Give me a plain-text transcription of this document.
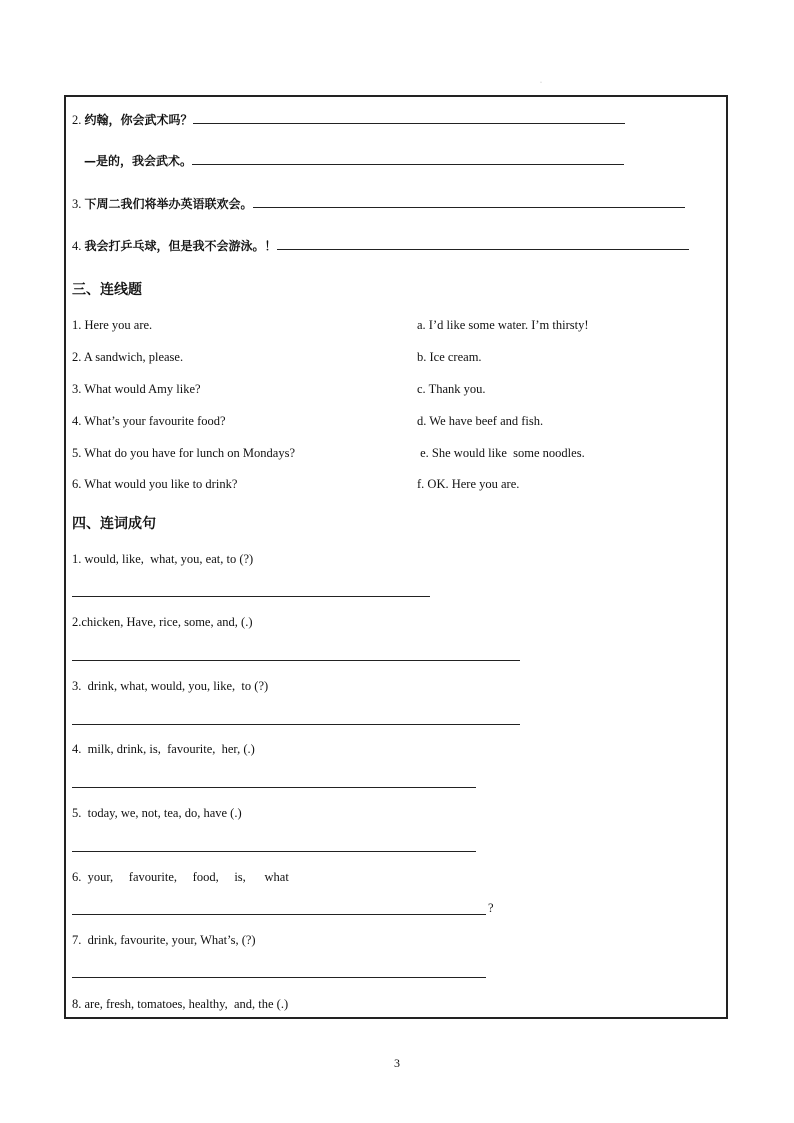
·
2. 约翰，你会武术吗？
—是的，我会武术。
3. 下周二我们将举办英语联欢会。
4. 我会打乒乓球，但是我不会游泳。！
三、连线题
1. Here you are.
2. A sandwich, please.
3. What would Amy like?
4. What’s your favourite food?
5. What do you have for lunch on Mondays?
6. What would you like to drink?
a. I’d like some water. I’m thirsty!
b. Ice cream.
c. Thank you.
d. We have beef and fish.
e. She would like  some noodles.
f. OK. Here you are.
四、连词成句
1. would, like,  what, you, eat, to (?)
2.chicken, Have, rice, some, and, (.)
3.  drink, what, would, you, like,  to (?)
4.  milk, drink, is,  favourite,  her, (.)
5.  today, we, not, tea, do, have (.)
6.  your,     favourite,     food,     is,      what
?
7.  drink, favourite, your, What’s, (?)
8. are, fresh, tomatoes, healthy,  and, the (.)
3
